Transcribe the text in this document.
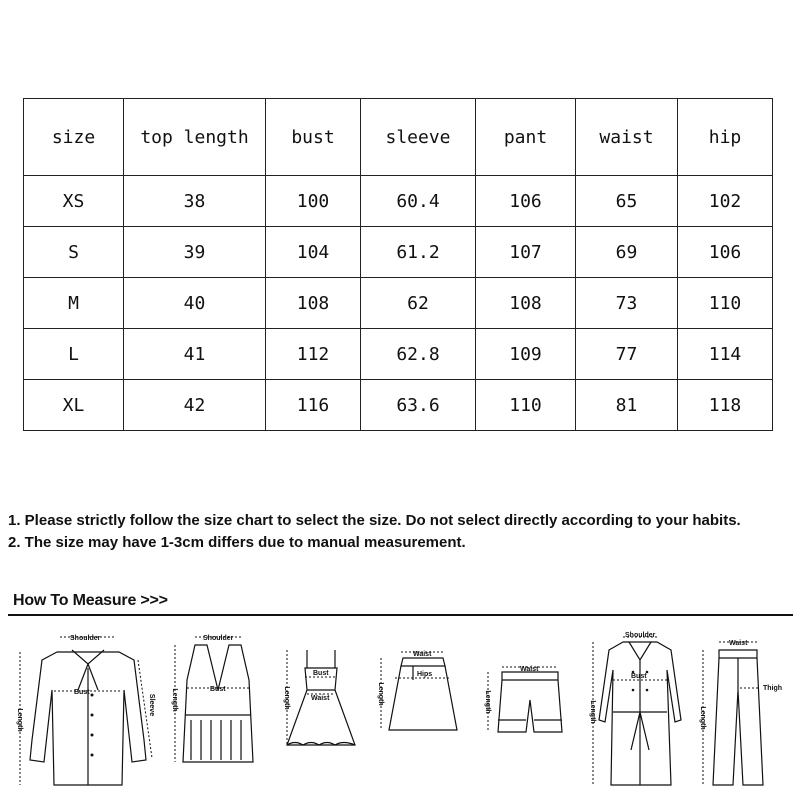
size	top length	bust	sleeve	pant	waist	hip
XS	38	100	60.4	106	65	102
S	39	104	61.2	107	69	106
M	40	108	62	108	73	110
L	41	112	62.8	109	77	114
XL	42	116	63.6	110	81	118

1. Please strictly follow the size chart to select the size. Do not select directly according to your habits.

2. The size may have 1-3cm differs due to manual measurement.

How To Measure >>>
Shoulder
Bust
Length
Sleeve
Shoulder
Bust
Length
Bust
Waist
Length
Waist
Hips
Length
Waist
Length
Shoulder
Bust
Length
Waist
Thigh
Length
